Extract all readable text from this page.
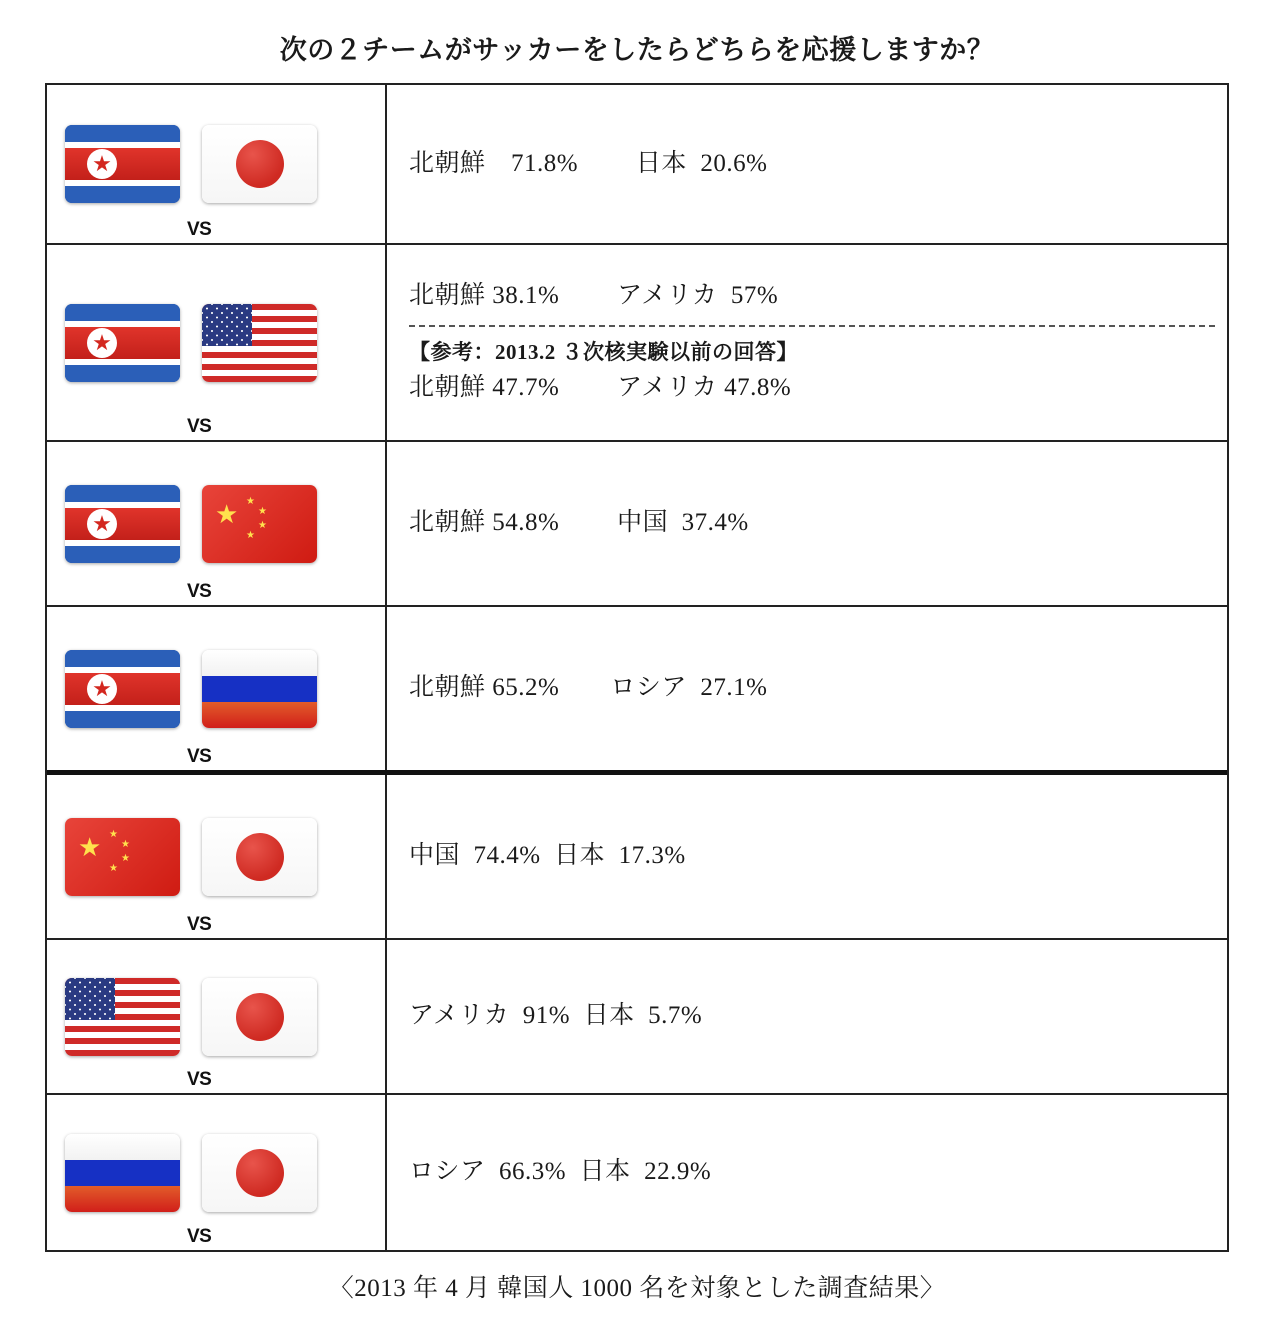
次の２チームがサッカーをしたらどちらを応援しますか？
★
VS
北朝鮮　71.8%　　 日本  20.6%
★
VS
北朝鮮 38.1%　　 アメリカ  57%
【参考：2013.2 ３次核実験以前の回答】
北朝鮮 47.7%　　 アメリカ 47.8%
★	★ ★
★
★
★
VS
北朝鮮 54.8%　　 中国  37.4%
★
VS
北朝鮮 65.2%　　ロシア  27.1%
★ ★
★
★
★
VS
中国  74.4%  日本  17.3%
VS
アメリカ  91%  日本  5.7%
VS
ロシア  66.3%  日本  22.9%
〈2013 年 4 月 韓国人 1000 名を対象とした調査結果〉
